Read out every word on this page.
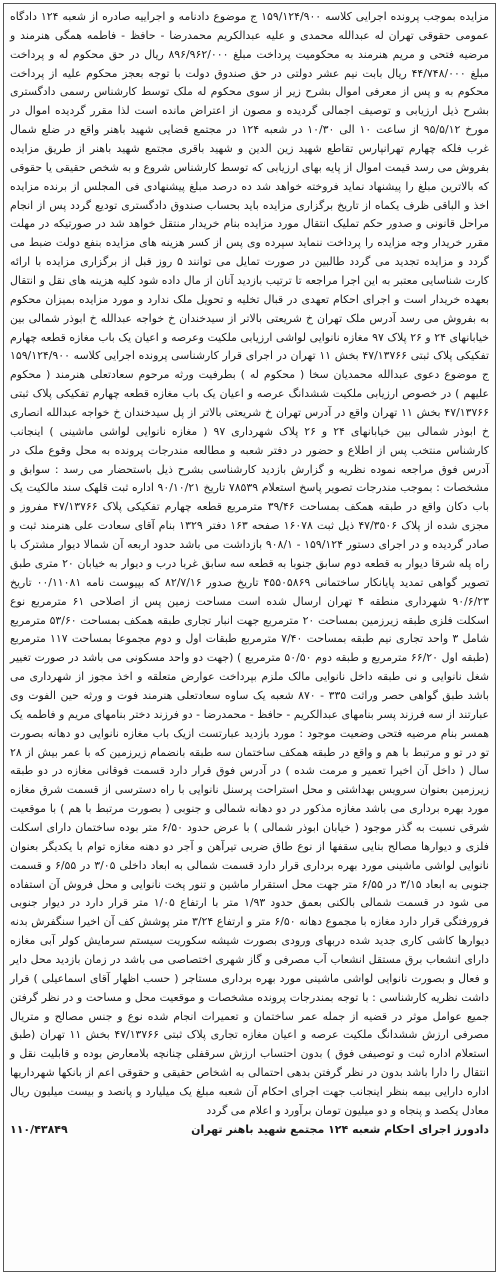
مزایده بموجب پرونده اجرایی کلاسه ۱۵۹/۱۲۴/۹۰۰ ج موضوع دادنامه و اجراییه صادره از شعبه ۱۲۴ دادگاه عمومی حقوقی تهران له عبدالله محمدی و علیه عبدالکریم محمدرضا - حافظ - فاطمه همگی هنرمند و مرضیه فتحی و مریم هنرمند به محکومیت پرداخت مبلغ ۸۹۶/۹۶۲/۰۰۰ ریال در حق محکوم له و پرداخت مبلغ ۴۴/۷۴۸/۰۰۰ ریال بابت نیم عشر دولتی در حق صندوق دولت با توجه بعجز محکوم علیه از پرداخت محکوم به و پس از معرفی اموال بشرح زیر از سوی محکوم له ملک توسط کارشناس رسمی دادگستری بشرح ذیل ارزیابی و توصیف اجمالی گردیده و مصون از اعتراض مانده است لذا مقرر گردیده اموال در مورخ ۹۵/۵/۱۲ از ساعت ۱۰ الی ۱۰/۳۰ در شعبه ۱۲۴ در مجتمع قضایی شهید باهنر واقع در ضلع شمال غرب فلکه چهارم تهرانپارس تقاطع شهید زین الدین و شهید باقری مجتمع شهید باهنر از طریق مزایده بفروش می رسد قیمت اموال از پایه بهای ارزیابی که توسط کارشناس شروع و به شخص حقیقی یا حقوقی که بالاترین مبلغ را پیشنهاد نماید فروخته خواهد شد ده درصد مبلغ پیشنهادی فی المجلس از برنده مزایده اخذ و الباقی ظرف یکماه از تاریخ برگزاری مزایده باید بحساب صندوق دادگستری تودیع گردد پس از انجام مراحل قانونی و صدور حکم تملیک انتقال مورد مزایده بنام خریدار منتقل خواهد شد در صورتیکه در مهلت مقرر خریدار وجه مزایده را پرداخت ننماید سپرده وی پس از کسر هزینه های مزایده بنفع دولت ضبط می گردد و مزایده تجدید می گردد طالبین در صورت تمایل می توانند ۵ روز قبل از برگزاری مزایده با ارائه کارت شناسایی معتبر به این اجرا مراجعه تا ترتیب بازدید آنان از مال داده شود کلیه هزینه های نقل و انتقال بعهده خریدار است و اجرای احکام تعهدی در قبال تخلیه و تحویل ملک ندارد و مورد مزایده بمیزان محکوم به بفروش می رسد آدرس ملک تهران خ شریعتی بالاتر از سیدخندان خ خواجه عبدالله خ ابوذر شمالی بین خیابانهای ۲۴ و ۲۶ پلاک ۹۷ مغازه نانوایی لواشی ارزیابی ملکیت وعرصه و اعیان یک باب مغازه قطعه چهارم تفکیکی پلاک ثبتی ۴۷/۱۳۷۶۶ بخش ۱۱ تهران در اجرای قرار کارشناسی پرونده اجرایی کلاسه ۱۵۹/۱۲۴/۹۰۰ ج موضوع دعوی عبدالله محمدیان سخا ( محکوم له ) بطرفیت ورثه مرحوم سعادتعلی هنرمند ( محکوم علیهم ) در خصوص ارزیابی ملکیت ششدانگ عرصه و اعیان یک باب مغازه قطعه چهارم تفکیکی پلاک ثبتی ۴۷/۱۳۷۶۶ بخش ۱۱ تهران واقع در آدرس تهران خ شریعتی بالاتر از پل سیدخندان خ خواجه عبدالله انصاری خ ابوذر شمالی بین خیابانهای ۲۴ و ۲۶ پلاک شهرداری ۹۷ ( مغازه نانوایی لواشی ماشینی ) اینجانب کارشناس منتخب پس از اطلاع و حضور در دفتر شعبه و مطالعه مندرجات پرونده به محل وقوع ملک در آدرس فوق مراجعه نموده نظریه و گزارش بازدید کارشناسی بشرح ذیل باستحضار می رسد : سوابق و مشخصات : بموجب مندرجات تصویر پاسخ استعلام ۷۸۵۳۹ تاریخ ۹۰/۱۰/۲۱ اداره ثبت قلهک سند مالکیت یک باب دکان واقع در طبقه همکف بمساحت ۳۹/۴۶ مترمربع قطعه چهارم تفکیکی پلاک ۴۷/۱۳۷۶۶ مفروز و مجزی شده از پلاک ۴۷/۳۵۰۶ ذیل ثبت ۱۶۰۷۸ صفحه ۱۶۳ دفتر ۱۳۲۹ بنام آقای سعادت علی هنرمند ثبت و صادر گردیده و در اجرای دستور ۱۵۹/۱۲۴ - ۹۰۸/۱ بازداشت می باشد حدود اربعه آن شمالا دیوار مشترک با راه پله شرقا دیوار به قطعه دوم سابق جنوبا به قطعه سه سابق غربا درب و دیوار به خیابان ۲۰ متری طبق تصویر گواهی تمدید پایانکار ساختمانی ۴۵۵۰۵۸۶۹ تاریخ صدور ۸۲/۷/۱۶ که بپیوست نامه ۰۰/۱۱۰۸۱ تاریخ ۹۰/۶/۲۳ شهرداری منطقه ۴ تهران ارسال شده است مساحت زمین پس از اصلاحی ۶۱ مترمربع نوع اسکلت فلزی طبقه زیرزمین بمساحت ۲۰ مترمربع جهت انبار تجاری طبقه همکف بمساحت ۵۳/۶۰ مترمربع شامل ۳ واحد تجاری نیم طبقه بمساحت ۷/۴۰ مترمربع طبقات اول و دوم مجموعا بمساحت ۱۱۷ مترمربع (طبقه اول ۶۶/۲۰ مترمربع و طبقه دوم ۵۰/۵۰ مترمربع ) (جهت دو واحد مسکونی می باشد در صورت تغییر شغل نانوایی و نی طبقه داخل نانوایی مالک ملزم بپرداخت عوارض متعلقه و اخذ مجوز از شهرداری می باشد طبق گواهی حصر وراثت ۳۳۵ - ۸۷۰ شعبه یک ساوه سعادتعلی هنرمند فوت و ورثه حین الفوت وی عبارتند از سه فرزند پسر بنامهای عبدالکریم - حافظ - محمدرضا - دو فرزند دختر بنامهای مریم و فاطمه یک همسر بنام مرضیه فتحی وضعیت موجود : مورد بازدید عبارتست ازیک باب مغازه نانوایی دو دهانه بصورت تو در تو و مرتبط با هم و واقع در طبقه همکف ساختمان سه طبقه بانضمام زیرزمین که با عمر بیش از ۲۸ سال ( داخل آن اخیرا تعمیر و مرمت شده ) در آدرس فوق قرار دارد قسمت فوقانی مغازه در دو طبقه زیرزمین بعنوان سرویس بهداشتی و محل استراحت پرسنل نانوایی با راه دسترسی از قسمت شرق مغازه مورد بهره برداری می باشد مغازه مذکور در دو دهانه شمالی و جنوبی ( بصورت مرتبط با هم ) با موقعیت شرقی نسبت به گذر موجود ( خیابان ابوذر شمالی ) با عرض حدود ۶/۵۰ متر بوده ساختمان دارای اسکلت فلزی و دیوارها مصالح بنایی سقفها از نوع طاق ضربی تیرآهن و آجر دو دهنه مغازه توام با یکدیگر بعنوان نانوایی لواشی ماشینی مورد بهره برداری قرار دارد قسمت شمالی به ابعاد داخلی ۳/۰۵ در ۶/۵۵ و قسمت جنوبی به ابعاد ۳/۱۵ در ۶/۵۵ متر جهت محل استقرار ماشین و تنور پخت نانوایی و محل فروش آن استفاده می شود در قسمت شمالی بالکنی بعمق حدود ۱/۹۳ متر با ارتفاع ۱/۰۵ متر قرار دارد در دیوار جنوبی فرورفتگی قرار دارد مغازه با مجموع دهانه ۶/۵۰ متر و ارتفاع ۳/۲۴ متر پوشش کف آن اخیرا سنگفرش بدنه دیوارها کاشی کاری جدید شده دربهای ورودی بصورت شیشه سکوریت سیستم سرمایش کولر آبی مغازه دارای انشعاب برق مستقل انشعاب آب مصرفی و گاز شهری اختصاصی می باشد در زمان بازدید محل دایر و فعال و بصورت نانوایی لواشی ماشینی مورد بهره برداری مستاجر ( حسب اظهار آقای اسماعیلی ) قرار داشت نظریه کارشناسی : با توجه بمندرجات پرونده مشخصات و موقعیت محل و مساحت و در نظر گرفتن جمیع عوامل موثر در قضیه از جمله عمر ساختمان و تعمیرات انجام شده نوع و جنس مصالح و متریال مصرفی ارزش ششدانگ ملکیت عرصه و اعیان مغازه تجاری پلاک ثبتی ۴۷/۱۳۷۶۶ بخش ۱۱ تهران (طبق استعلام اداره ثبت و توصیفی فوق ) بدون احتساب ارزش سرقفلی چنانچه بلامعارض بوده و قابلیت نقل و انتقال را دارا باشد بدون در نظر گرفتن بدهی احتمالی به اشخاص حقیقی و حقوقی اعم از بانکها شهرداریها اداره دارایی بیمه بنظر اینجانب جهت اجرای احکام آن شعبه مبلغ یک میلیارد و پانصد و بیست میلیون ریال معادل یکصد و پنجاه و دو میلیون تومان برآورد و اعلام می گردد

دادورز اجرای احکام شعبه ۱۲۴ مجتمع شهید باهنر تهران
۱۱۰/۴۳۸۴۹
